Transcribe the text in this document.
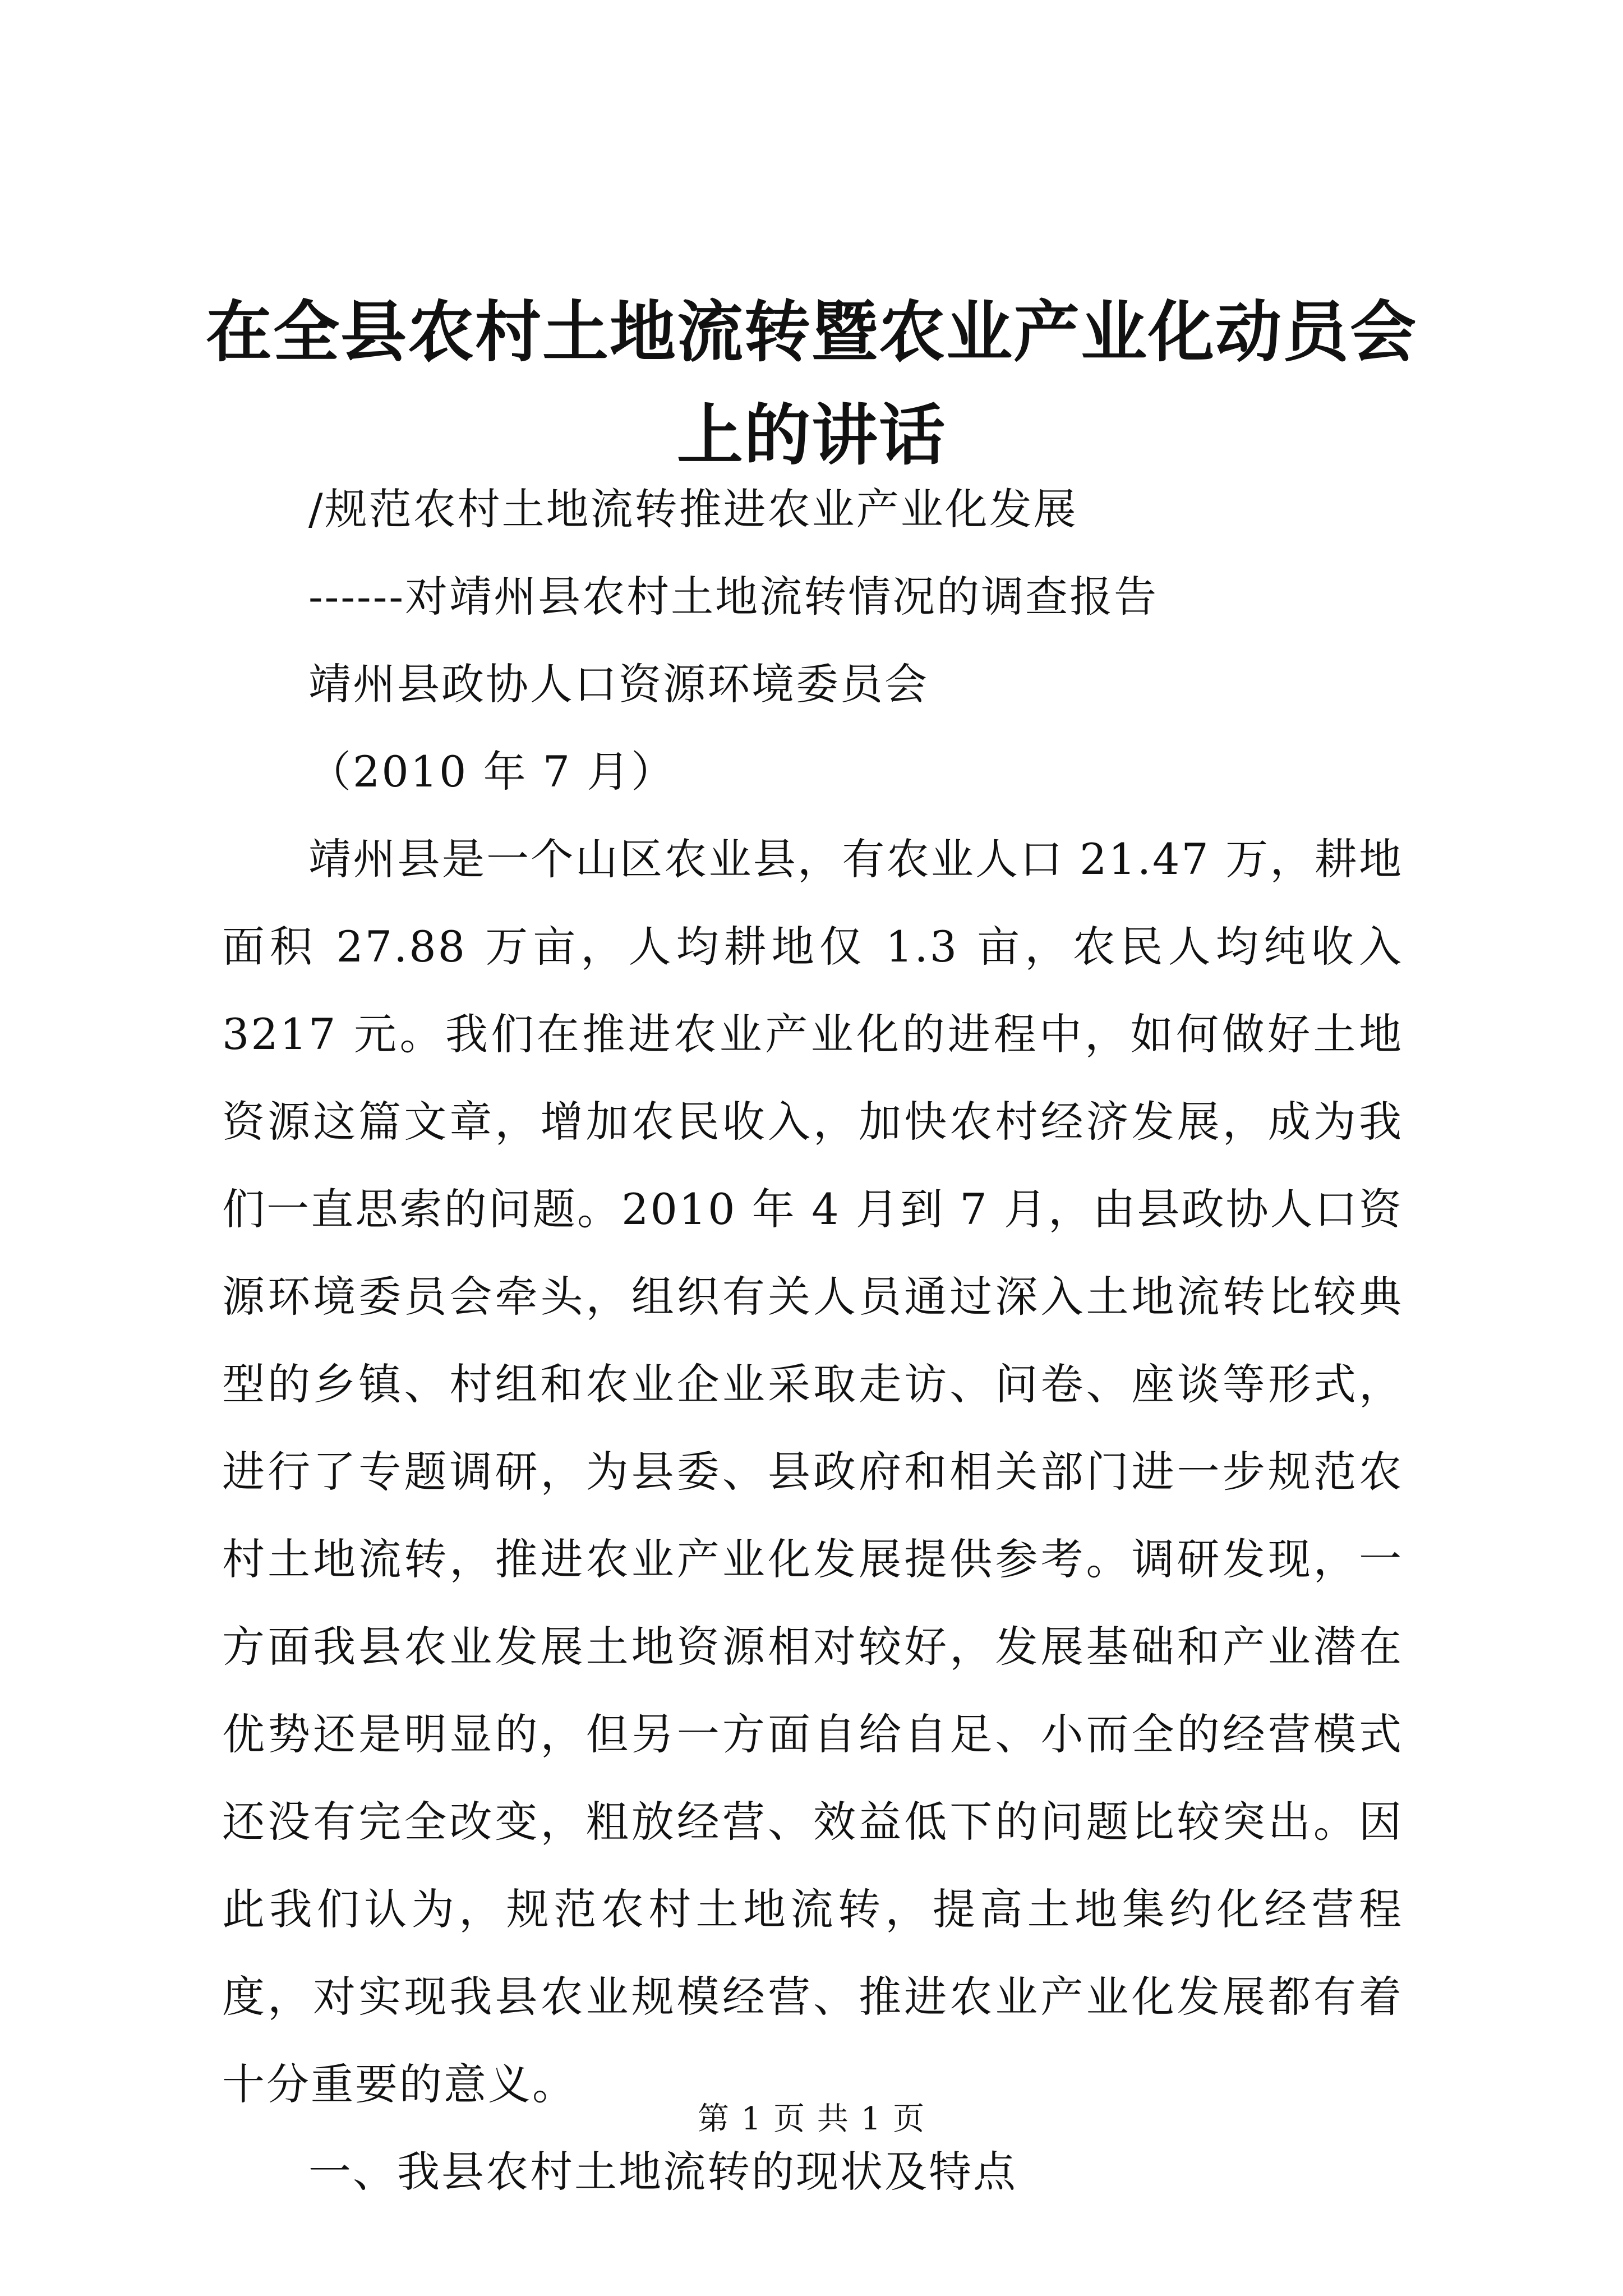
在全县农村土地流转暨农业产业化动员会上的讲话

/规范农村土地流转推进农业产业化发展

------对靖州县农村土地流转情况的调查报告

靖州县政协人口资源环境委员会

（2010 年 7 月）

靖州县是一个山区农业县，有农业人口 21.47 万，耕地面积 27.88 万亩，人均耕地仅 1.3 亩，农民人均纯收入 3217 元。我们在推进农业产业化的进程中，如何做好土地资源这篇文章，增加农民收入，加快农村经济发展，成为我们一直思索的问题。2010 年 4 月到 7 月，由县政协人口资源环境委员会牵头，组织有关人员通过深入土地流转比较典型的乡镇、村组和农业企业采取走访、问卷、座谈等形式，进行了专题调研，为县委、县政府和相关部门进一步规范农村土地流转，推进农业产业化发展提供参考。调研发现，一方面我县农业发展土地资源相对较好，发展基础和产业潜在优势还是明显的，但另一方面自给自足、小而全的经营模式还没有完全改变，粗放经营、效益低下的问题比较突出。因此我们认为，规范农村土地流转，提高土地集约化经营程度，对实现我县农业规模经营、推进农业产业化发展都有着十分重要的意义。

一、我县农村土地流转的现状及特点

第 1 页 共 1 页
